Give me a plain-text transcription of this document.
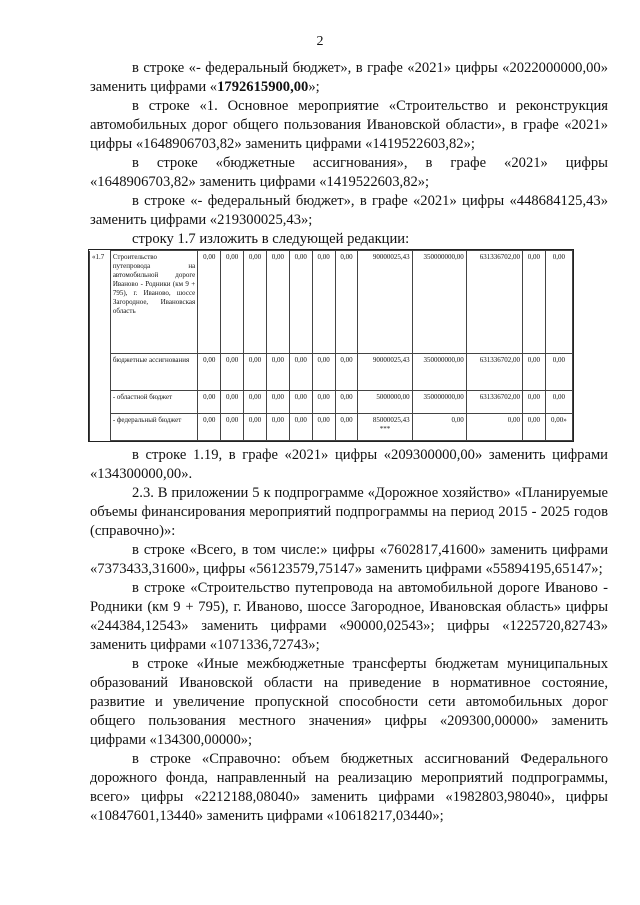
2

в строке «- федеральный бюджет», в графе «2021» цифры «2022000000,00» заменить цифрами «1792615900,00»;

в строке «1. Основное мероприятие «Строительство и реконструкция автомобильных дорог общего пользования Ивановской области», в графе «2021» цифры «1648906703,82» заменить цифрами «1419522603,82»;

в строке «бюджетные ассигнования», в графе «2021» цифры «1648906703,82» заменить цифрами «1419522603,82»;

в строке «- федеральный бюджет», в графе «2021» цифры «448684125,43» заменить цифрами «219300025,43»;

строку 1.7 изложить в следующей редакции:

«1.7	Строительство путепровода на автомобильной дороге Иваново - Родники (км 9 + 795), г. Иваново, шоссе Загородное, Ивановская область	0,00	0,00	0,00	0,00	0,00	0,00	0,00	90000025,43	350000000,00	631336702,00	0,00	0,00
	бюджетные ассигнования	0,00	0,00	0,00	0,00	0,00	0,00	0,00	90000025,43	350000000,00	631336702,00	0,00	0,00
	- областной бюджет	0,00	0,00	0,00	0,00	0,00	0,00	0,00	5000000,00	350000000,00	631336702,00	0,00	0,00
	- федеральный бюджет	0,00	0,00	0,00	0,00	0,00	0,00	0,00	85000025,43
***	0,00	0,00	0,00	0,00»

в строке 1.19, в графе «2021» цифры «209300000,00» заменить цифрами «134300000,00».

2.3. В приложении 5 к подпрограмме «Дорожное хозяйство» «Планируемые объемы финансирования мероприятий подпрограммы на период 2015 - 2025 годов (справочно)»:

в строке «Всего, в том числе:» цифры «7602817,41600» заменить цифрами «7373433,31600», цифры «56123579,75147» заменить цифрами «55894195,65147»;

в строке «Строительство путепровода на автомобильной дороге Иваново - Родники (км 9 + 795), г. Иваново, шоссе Загородное, Ивановская область» цифры «244384,12543» заменить цифрами «90000,02543»; цифры «1225720,82743» заменить цифрами «1071336,72743»;

в строке «Иные межбюджетные трансферты бюджетам муниципальных образований Ивановской области на приведение в нормативное состояние, развитие и увеличение пропускной способности сети автомобильных дорог общего пользования местного значения» цифры «209300,00000» заменить цифрами «134300,00000»;

в строке «Справочно: объем бюджетных ассигнований Федерального дорожного фонда, направленный на реализацию мероприятий подпрограммы, всего» цифры «2212188,08040» заменить цифрами «1982803,98040», цифры «10847601,13440» заменить цифрами «10618217,03440»;
